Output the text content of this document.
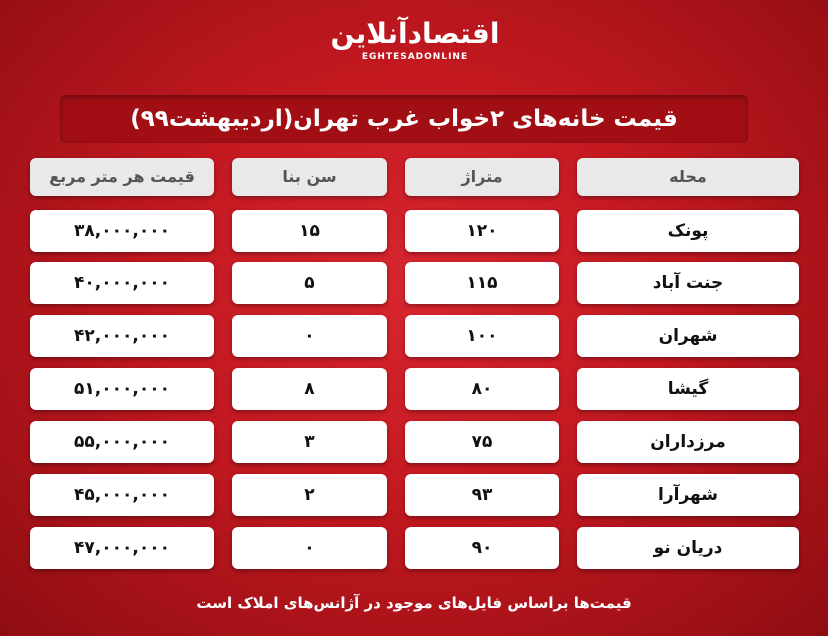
اقتصادآنلاین
EGHTESADONLINE
قیمت خانه‌های ۲خواب غرب تهران(اردیبهشت۹۹)
محله
متراژ
سن بنا
قیمت هر متر مربع
پونک
۱۲۰
۱۵
۳۸,۰۰۰,۰۰۰
جنت آباد
۱۱۵
۵
۴۰,۰۰۰,۰۰۰
شهران
۱۰۰
۰
۴۲,۰۰۰,۰۰۰
گیشا
۸۰
۸
۵۱,۰۰۰,۰۰۰
مرزداران
۷۵
۳
۵۵,۰۰۰,۰۰۰
شهرآرا
۹۳
۲
۴۵,۰۰۰,۰۰۰
دریان نو
۹۰
۰
۴۷,۰۰۰,۰۰۰
قیمت‌ها براساس فایل‌های موجود در آژانس‌های املاک است
